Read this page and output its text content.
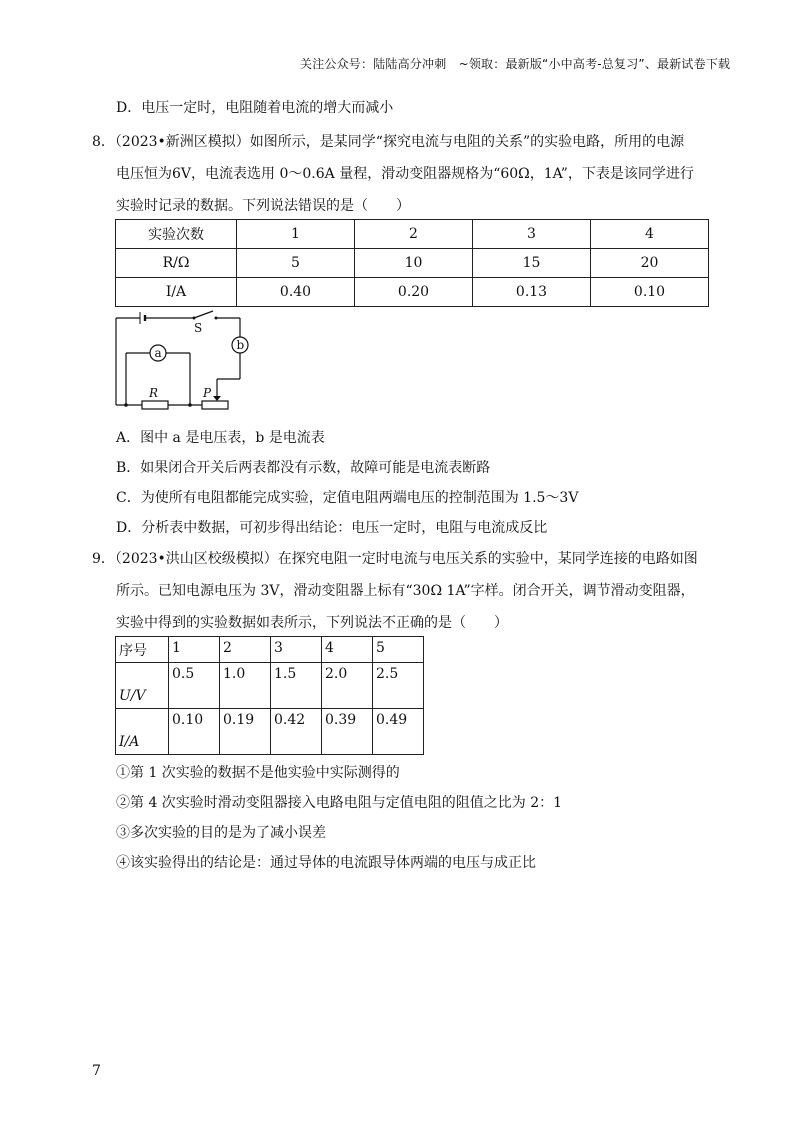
关注公众号：陆陆高分冲刺　~领取：最新版“小中高考-总复习”、最新试卷下载
D．电压一定时，电阻随着电流的增大而减小
8．（2023•新洲区模拟）如图所示，是某同学“探究电流与电阻的关系”的实验电路，所用的电源
电压恒为6V，电流表选用 0～0.6A 量程，滑动变阻器规格为“60Ω，1A”，下表是该同学进行
实验时记录的数据。下列说法错误的是（　　）
实验次数	1	2	3	4
R/Ω	5	10	15	20
I/A	0.40	0.20	0.13	0.10
S
a
b
R	P
A．图中 a 是电压表，b 是电流表
B．如果闭合开关后两表都没有示数，故障可能是电流表断路
C．为使所有电阻都能完成实验，定值电阻两端电压的控制范围为 1.5～3V
D．分析表中数据，可初步得出结论：电压一定时，电阻与电流成反比
9．（2023•洪山区校级模拟）在探究电阻一定时电流与电压关系的实验中，某同学连接的电路如图
所示。已知电源电压为 3V，滑动变阻器上标有“30Ω 1A”字样。闭合开关，调节滑动变阻器，
实验中得到的实验数据如表所示，下列说法不正确的是（　　）
序号	1	2	3	4	5
U/V	0.5	1.0	1.5	2.0	2.5
I/A	0.10	0.19	0.42	0.39	0.49
①第 1 次实验的数据不是他实验中实际测得的
②第 4 次实验时滑动变阻器接入电路电阻与定值电阻的阻值之比为 2：1
③多次实验的目的是为了减小误差
④该实验得出的结论是：通过导体的电流跟导体两端的电压与成正比
7
